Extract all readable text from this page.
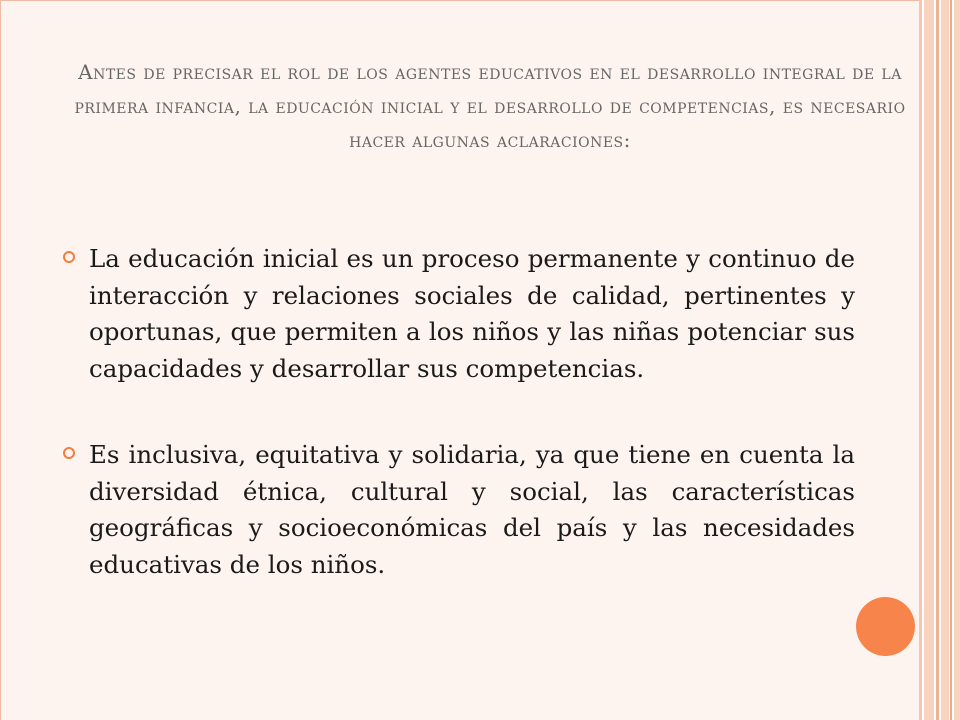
Antes de precisar el rol de los agentes educativos en el desarrollo integral de la primera infancia, la educación inicial y el desarrollo de competencias, es necesario hacer algunas aclaraciones:
La educación inicial es un proceso permanente y continuo de interacción y relaciones sociales de calidad, pertinentes y oportunas, que permiten a los niños y las niñas potenciar sus capacidades y desarrollar sus competencias.
Es inclusiva, equitativa y solidaria, ya que tiene en cuenta la diversidad étnica, cultural y social, las características geográficas y socioeconómicas del país y las necesidades educativas de los niños.
